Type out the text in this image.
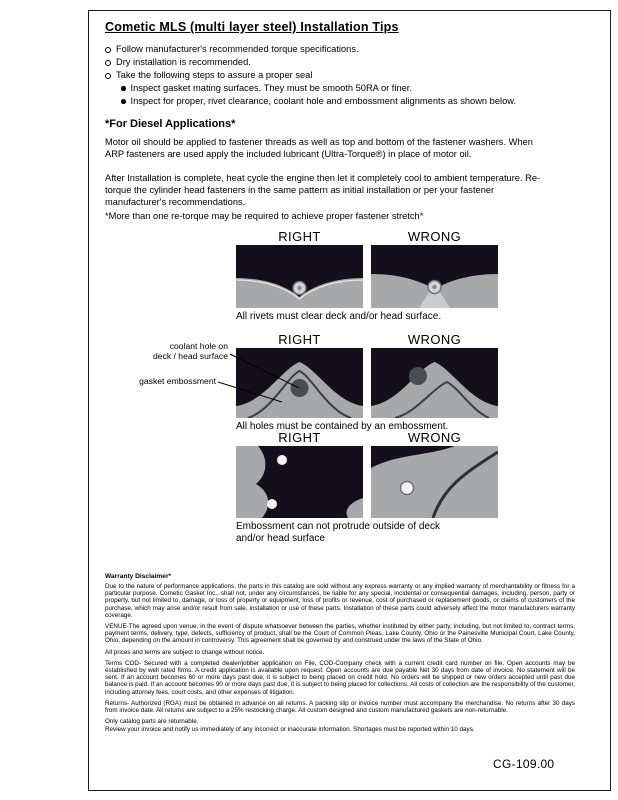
Cometic MLS (multi layer steel) Installation Tips
Follow manufacturer's recommended torque specifications.
Dry installation is recommended.
Take the following steps to assure a proper seal
Inspect gasket mating surfaces. They must be smooth 50RA or finer.
Inspect for proper, rivet clearance, coolant hole and embossment alignments as shown below.
*For Diesel Applications*

Motor oil should be applied to fastener threads as well as top and bottom of the fastener washers. When ARP fasteners are used apply the included lubricant (Ultra-Torque®) in place of motor oil.

After Installation is complete, heat cycle the engine then let it completely cool to ambient temperature. Re-torque the cylinder head fasteners in the same pattern as initial installation or per your fastener manufacturer's recommendations.

*More than one re-torque may be required to achieve proper fastener stretch*
RIGHT	WRONG
All rivets must clear deck and/or head surface.
RIGHT	WRONG
All holes must be contained by an embossment.
coolant hole on
deck / head surface
gasket embossment
RIGHT	WRONG
Embossment can not protrude outside of deck and/or head surface
Warranty Disclaimer*

Due to the nature of performance applications, the parts in this catalog are sold without any express warranty or any implied warranty of merchantability or fitness for a particular purpose. Cometic Gasket Inc., shall not, under any circumstances, be liable for any special, incidental or consequential damages, including, person, party or property, but not limited to, damage, or loss of property or equipment, loss of profits or revenue, cost of purchased or replacement goods, or claims of customers of the purchase, which may arise and/or result from sale, installation or use of these parts. Installation of these parts could adversely affect the motor manufacturers warranty coverage.

VENUE-The agreed upon venue, in the event of dispute whatsoever between the parties, whether instituted by either party, including, but not limited to, contract terms, payment terms, delivery, type, defects, sufficiency of product, shall be the Court of Common Pleas, Lake County, Ohio or the Painesville Municipal Court, Lake County, Ohio, depending on the amount in controversy. This agreement shall be governed by and construed under the laws of the State of Ohio.

All prices and terms are subject to change without notice.

Terms COD- Secured with a completed dealer/jobber application on File, COD-Company check with a current credit card number on file. Open accounts may be established by well rated firms. A credit application is available upon request. Open accounts are due payable Net 30 days from date of invoice. No statement will be sent. If an account becomes 60 or more days past due, it is subject to being placed on credit hold. No orders will be shipped or new orders accepted until past due balance is paid. If an account becomes 90 or more days past due, it is subject to being placed for collections. All costs of collection are the responsibility of the customer, including attorney fees, court costs, and other expenses of litigation.

Returns- Authorized (RGA) must be obtained in advance on all returns. A packing slip or invoice number must accompany the merchandise. No returns after 30 days from invoice date. All returns are subject to a 25% restocking charge. All custom designed and custom manufactured gaskets are non-returnable.

Only catalog parts are returnable.

Review your invoice and notify us immediately of any incorrect or inaccurate information. Shortages must be reported within 10 days.

CG-109.00
